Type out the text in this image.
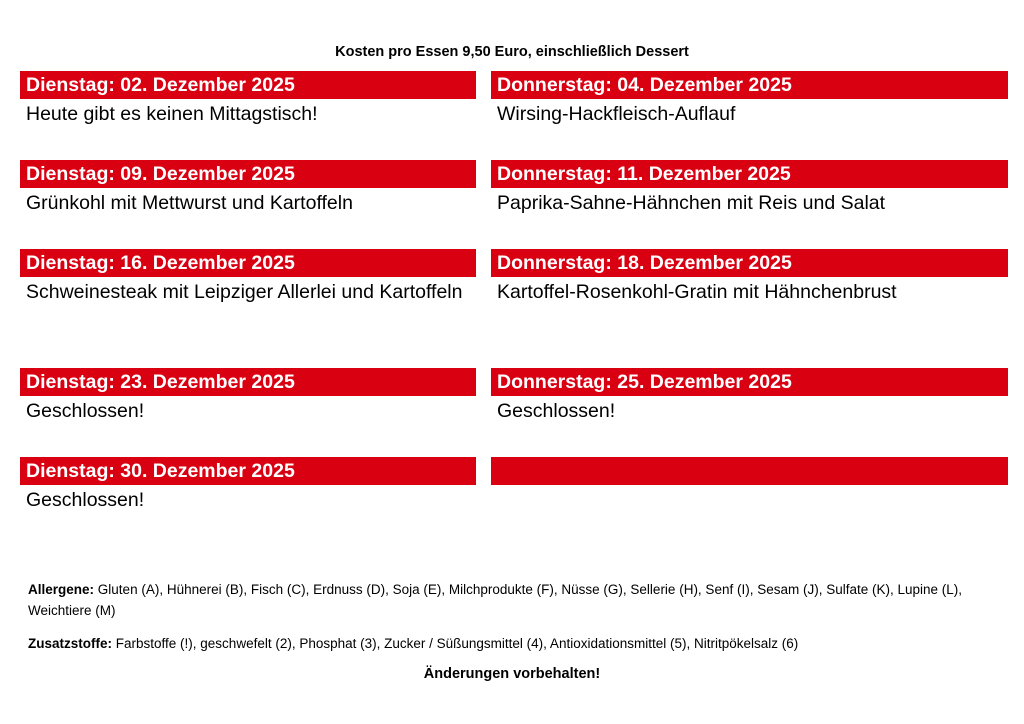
Kosten pro Essen 9,50 Euro, einschließlich Dessert
Dienstag: 02. Dezember 2025
Heute gibt es keinen Mittagstisch!
Donnerstag: 04. Dezember 2025
Wirsing-Hackfleisch-Auflauf
Dienstag: 09. Dezember 2025
Grünkohl mit Mettwurst und Kartoffeln
Donnerstag: 11. Dezember 2025
Paprika-Sahne-Hähnchen mit Reis und Salat
Dienstag: 16. Dezember 2025
Schweinesteak mit Leipziger Allerlei und Kartoffeln
Donnerstag: 18. Dezember 2025
Kartoffel-Rosenkohl-Gratin mit Hähnchenbrust
Dienstag: 23. Dezember 2025
Geschlossen!
Donnerstag: 25. Dezember 2025
Geschlossen!
Dienstag: 30. Dezember 2025
Geschlossen!
Allergene: Gluten (A), Hühnerei (B), Fisch (C), Erdnuss (D), Soja (E), Milchprodukte (F), Nüsse (G), Sellerie (H), Senf (I), Sesam (J), Sulfate (K), Lupine (L), Weichtiere (M)
Zusatzstoffe: Farbstoffe (!), geschwefelt (2), Phosphat (3), Zucker / Süßungsmittel (4), Antioxidationsmittel (5), Nitritpökelsalz (6)
Änderungen vorbehalten!
